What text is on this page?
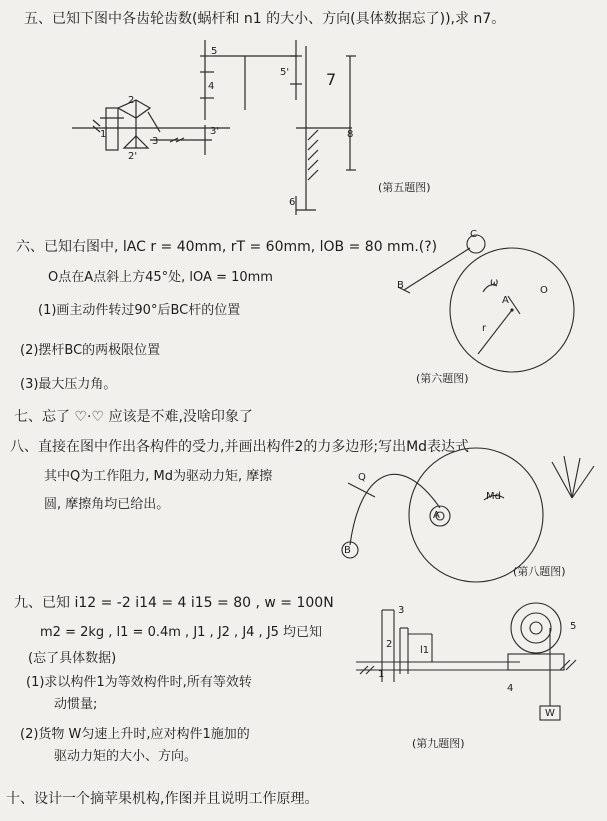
五、已知下图中各齿轮齿数(蜗杆和 n1 的大小、方向(具体数据忘了)),求 n7。
1
2
2'
3
3'
4
5
5'
6
7
8
(第五题图)
六、已知右图中, lAC r = 40mm, rT = 60mm, lOB = 80 mm.(?)
O点在A点斜上方45°处, lOA = 10mm
(1)画主动件转过90°后BC杆的位置
(2)摆杆BC的两极限位置
(3)最大压力角。
C
B
A
O
r
ω
(第六题图)
七、忘了 ♡·♡ 应该是不难,没啥印象了
八、直接在图中作出各构件的受力,并画出构件2的力多边形;写出Md表达式
其中Q为工作阻力, Md为驱动力矩, 摩擦
圆, 摩擦角均已给出。
Q
Md
A
B
(第八题图)
九、已知 i12 = -2 i14 = 4 i15 = 80 , w = 100N
m2 = 2kg , l1 = 0.4m , J1 , J2 , J4 , J5 均已知
(忘了具体数据)
(1)求以构件1为等效构件时,所有等效转
动惯量;
(2)货物 W匀速上升时,应对构件1施加的
驱动力矩的大小、方向。
3
2
1
l1
4
5
W
(第九题图)
十、设计一个摘苹果机构,作图并且说明工作原理。
